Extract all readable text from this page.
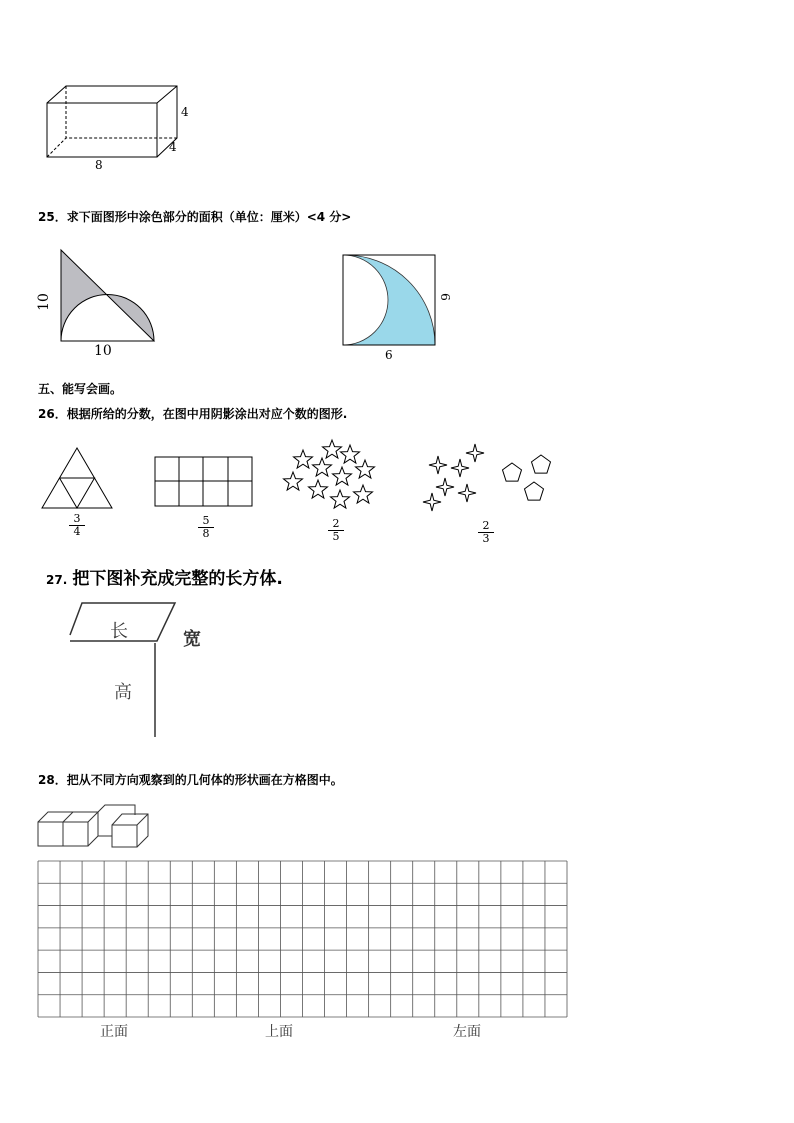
4
4
8
25．求下面图形中涂色部分的面积（单位：厘米）<4 分>
10
10
6
6
五、能写会画。
26．根据所给的分数，在图中用阴影涂出对应个数的图形.
$\frac{3}{4}$	$\frac{5}{8}$	$\frac{2}{5}$	$\frac{2}{3}$
27. 把下图补充成完整的长方体.
长	宽
高
28．把从不同方向观察到的几何体的形状画在方格图中。
正面	上面	左面
